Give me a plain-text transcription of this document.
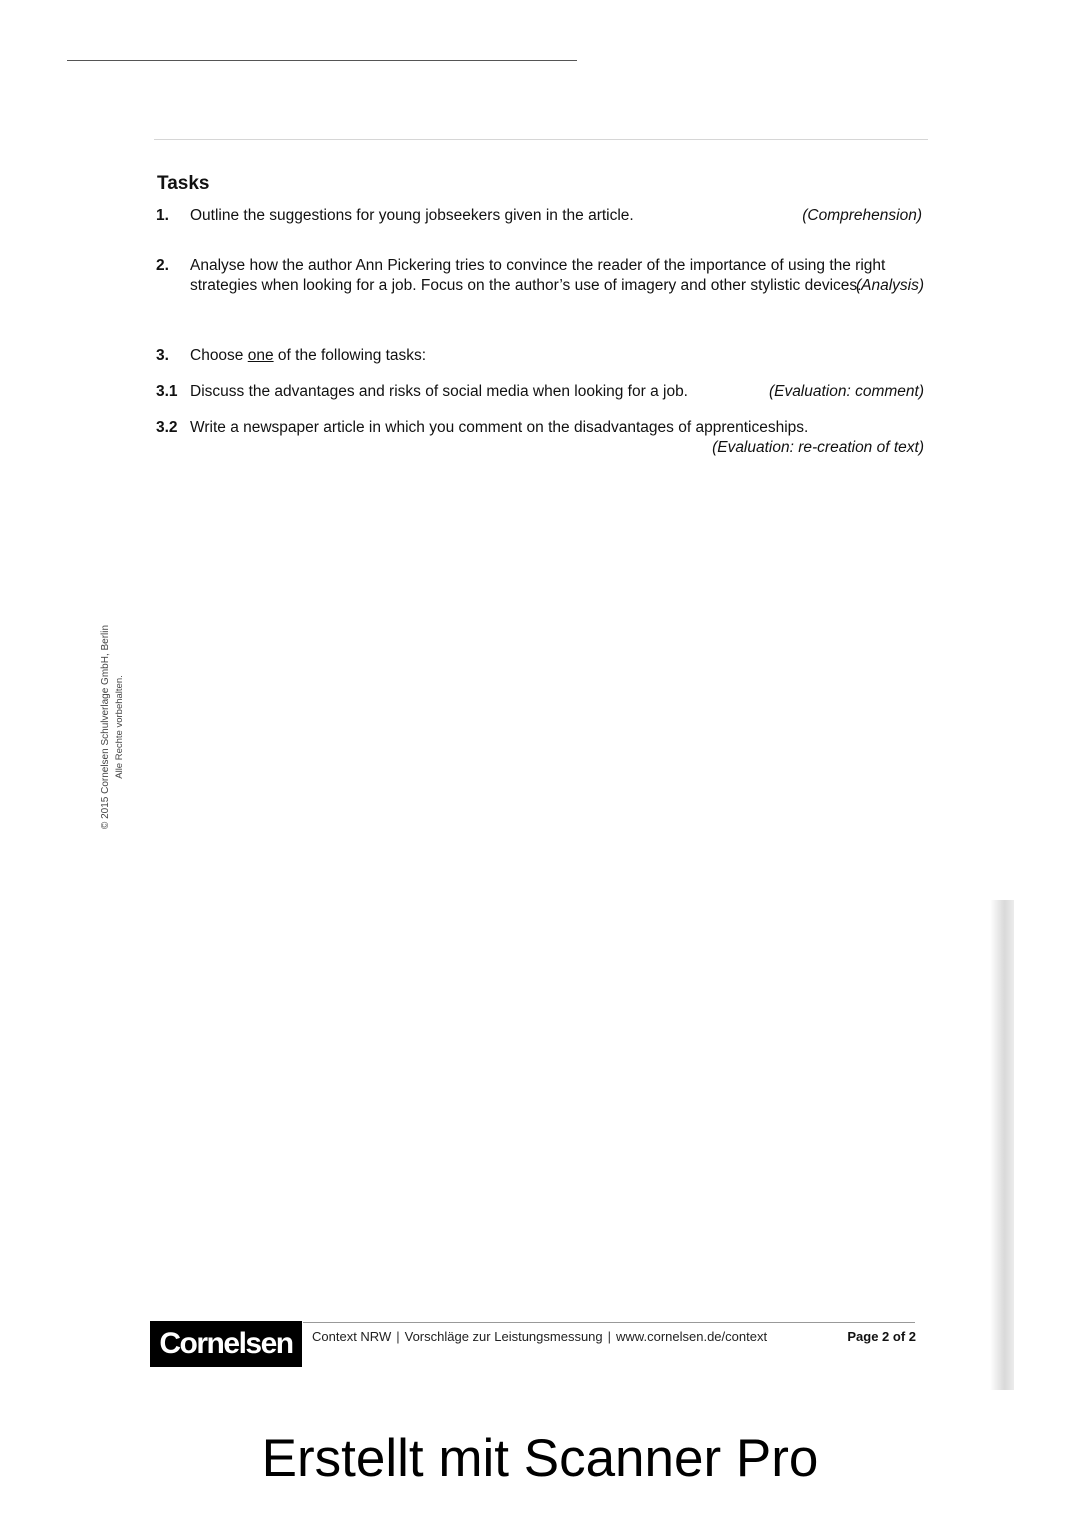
© 2015 Cornelsen Schulverlage GmbH, Berlin Alle Rechte vorbehalten.
Tasks
1. Outline the suggestions for young jobseekers given in the article.	(Comprehension)
2. Analyse how the author Ann Pickering tries to convince the reader of the importance of using the right strategies when looking for a job. Focus on the author’s use of imagery and other stylistic devices.
(Analysis)
3. Choose one of the following tasks:
3.1 Discuss the advantages and risks of social media when looking for a job.	(Evaluation: comment)
3.2 Write a newspaper article in which you comment on the disadvantages of apprenticeships.
(Evaluation: re-creation of text)
Cornelsen	Context NRW | Vorschläge zur Leistungsmessung | www.cornelsen.de/context	Page 2 of 2
Erstellt mit Scanner Pro
